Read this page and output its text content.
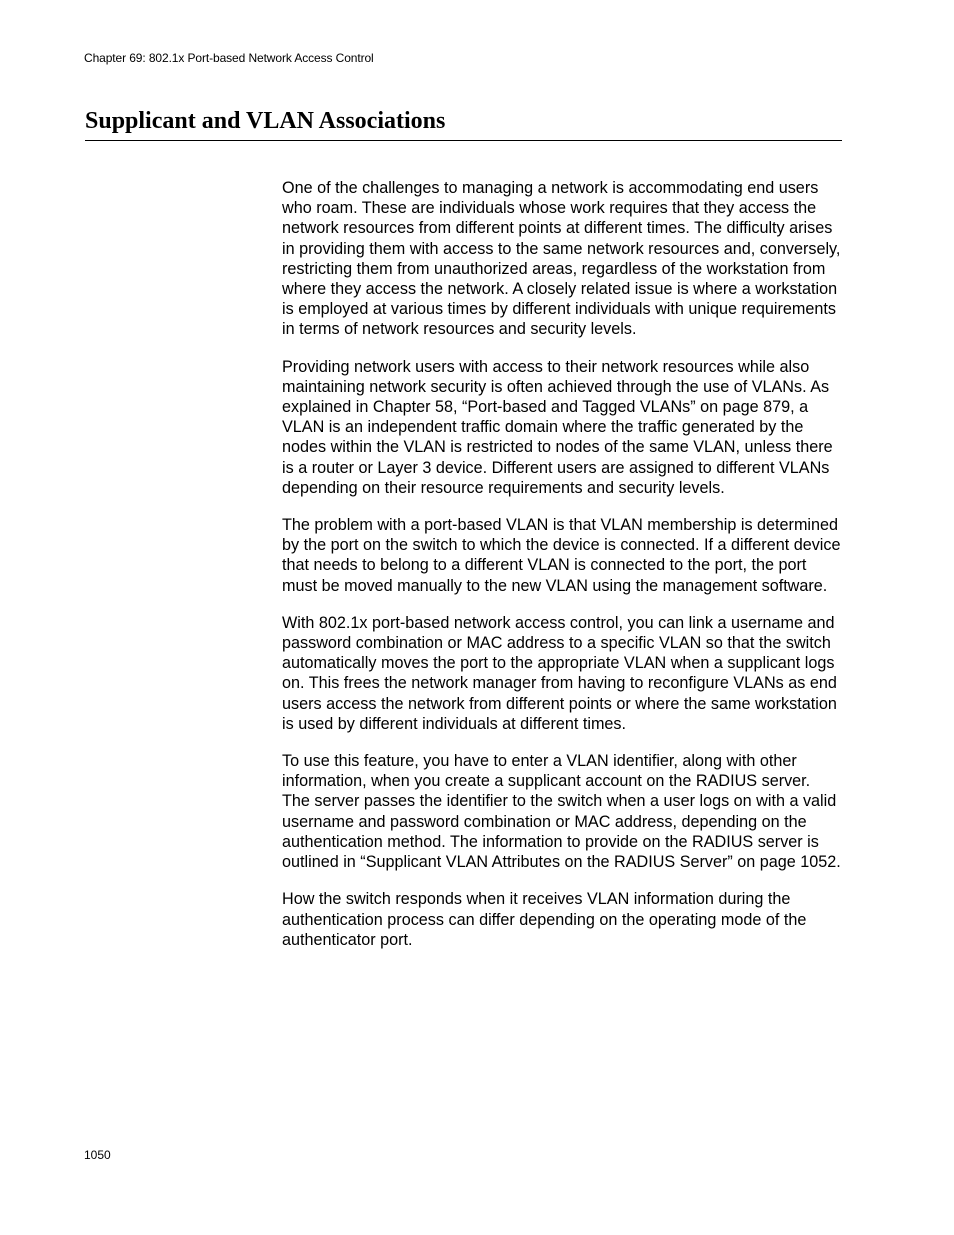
Chapter 69: 802.1x Port-based Network Access Control
Supplicant and VLAN Associations

One of the challenges to managing a network is accommodating end users who roam. These are individuals whose work requires that they access the network resources from different points at different times. The difficulty arises in providing them with access to the same network resources and, conversely, restricting them from unauthorized areas, regardless of the workstation from where they access the network. A closely related issue is where a workstation is employed at various times by different individuals with unique requirements in terms of network resources and security levels.

Providing network users with access to their network resources while also maintaining network security is often achieved through the use of VLANs. As explained in Chapter 58, “Port-based and Tagged VLANs” on page 879, a VLAN is an independent traffic domain where the traffic generated by the nodes within the VLAN is restricted to nodes of the same VLAN, unless there is a router or Layer 3 device. Different users are assigned to different VLANs depending on their resource requirements and security levels.

The problem with a port-based VLAN is that VLAN membership is determined by the port on the switch to which the device is connected. If a different device that needs to belong to a different VLAN is connected to the port, the port must be moved manually to the new VLAN using the management software.

With 802.1x port-based network access control, you can link a username and password combination or MAC address to a specific VLAN so that the switch automatically moves the port to the appropriate VLAN when a supplicant logs on. This frees the network manager from having to reconfigure VLANs as end users access the network from different points or where the same workstation is used by different individuals at different times.

To use this feature, you have to enter a VLAN identifier, along with other information, when you create a supplicant account on the RADIUS server. The server passes the identifier to the switch when a user logs on with a valid username and password combination or MAC address, depending on the authentication method. The information to provide on the RADIUS server is outlined in “Supplicant VLAN Attributes on the RADIUS Server” on page 1052.

How the switch responds when it receives VLAN information during the authentication process can differ depending on the operating mode of the authenticator port.

1050
